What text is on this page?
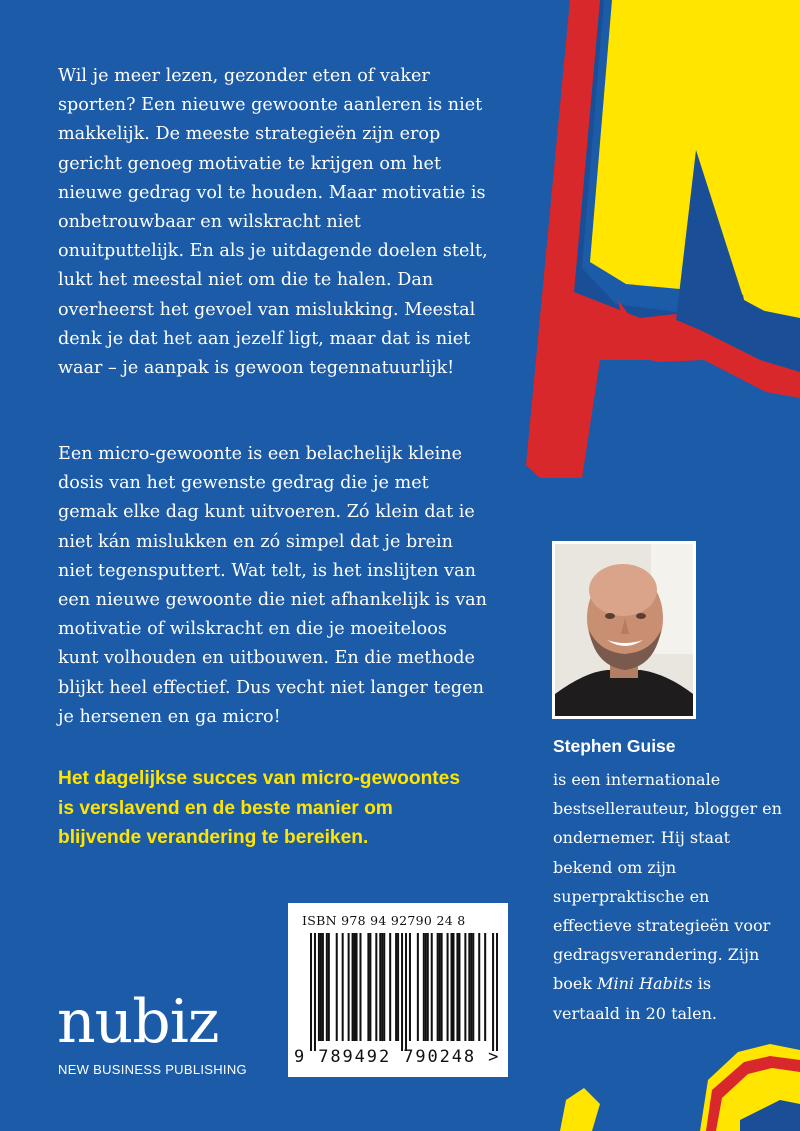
Wil je meer lezen, gezonder eten of vaker sporten? Een nieuwe gewoonte aanleren is niet makkelijk. De meeste strategieën zijn erop gericht genoeg motivatie te krijgen om het nieuwe gedrag vol te houden. Maar motivatie is onbetrouwbaar en wilskracht niet onuitputtelijk. En als je uitdagende doelen stelt, lukt het meestal niet om die te halen. Dan overheerst het gevoel van mislukking. Meestal denk je dat het aan jezelf ligt, maar dat is niet waar – je aanpak is gewoon tegennatuurlijk!

Een micro-gewoonte is een belachelijk kleine dosis van het gewenste gedrag die je met gemak elke dag kunt uitvoeren. Zó klein dat ie niet kán mislukken en zó simpel dat je brein niet tegensputtert. Wat telt, is het inslijten van een nieuwe gewoonte die niet afhankelijk is van motivatie of wilskracht en die je moeiteloos kunt volhouden en uitbouwen. En die methode blijkt heel effectief. Dus vecht niet langer tegen je hersenen en ga micro!

Het dagelijkse succes van micro-gewoontes is verslavend en de beste manier om blijvende verandering te bereiken.

Stephen Guise

is een internationale bestsellerauteur, blogger en ondernemer. Hij staat bekend om zijn superpraktische en effectieve strategieën voor gedragsverandering. Zijn boek Mini Habits is vertaald in 20 talen.

ISBN 978 94 92790 24 8

9 789492 790248 >

nubiz

NEW BUSINESS PUBLISHING
